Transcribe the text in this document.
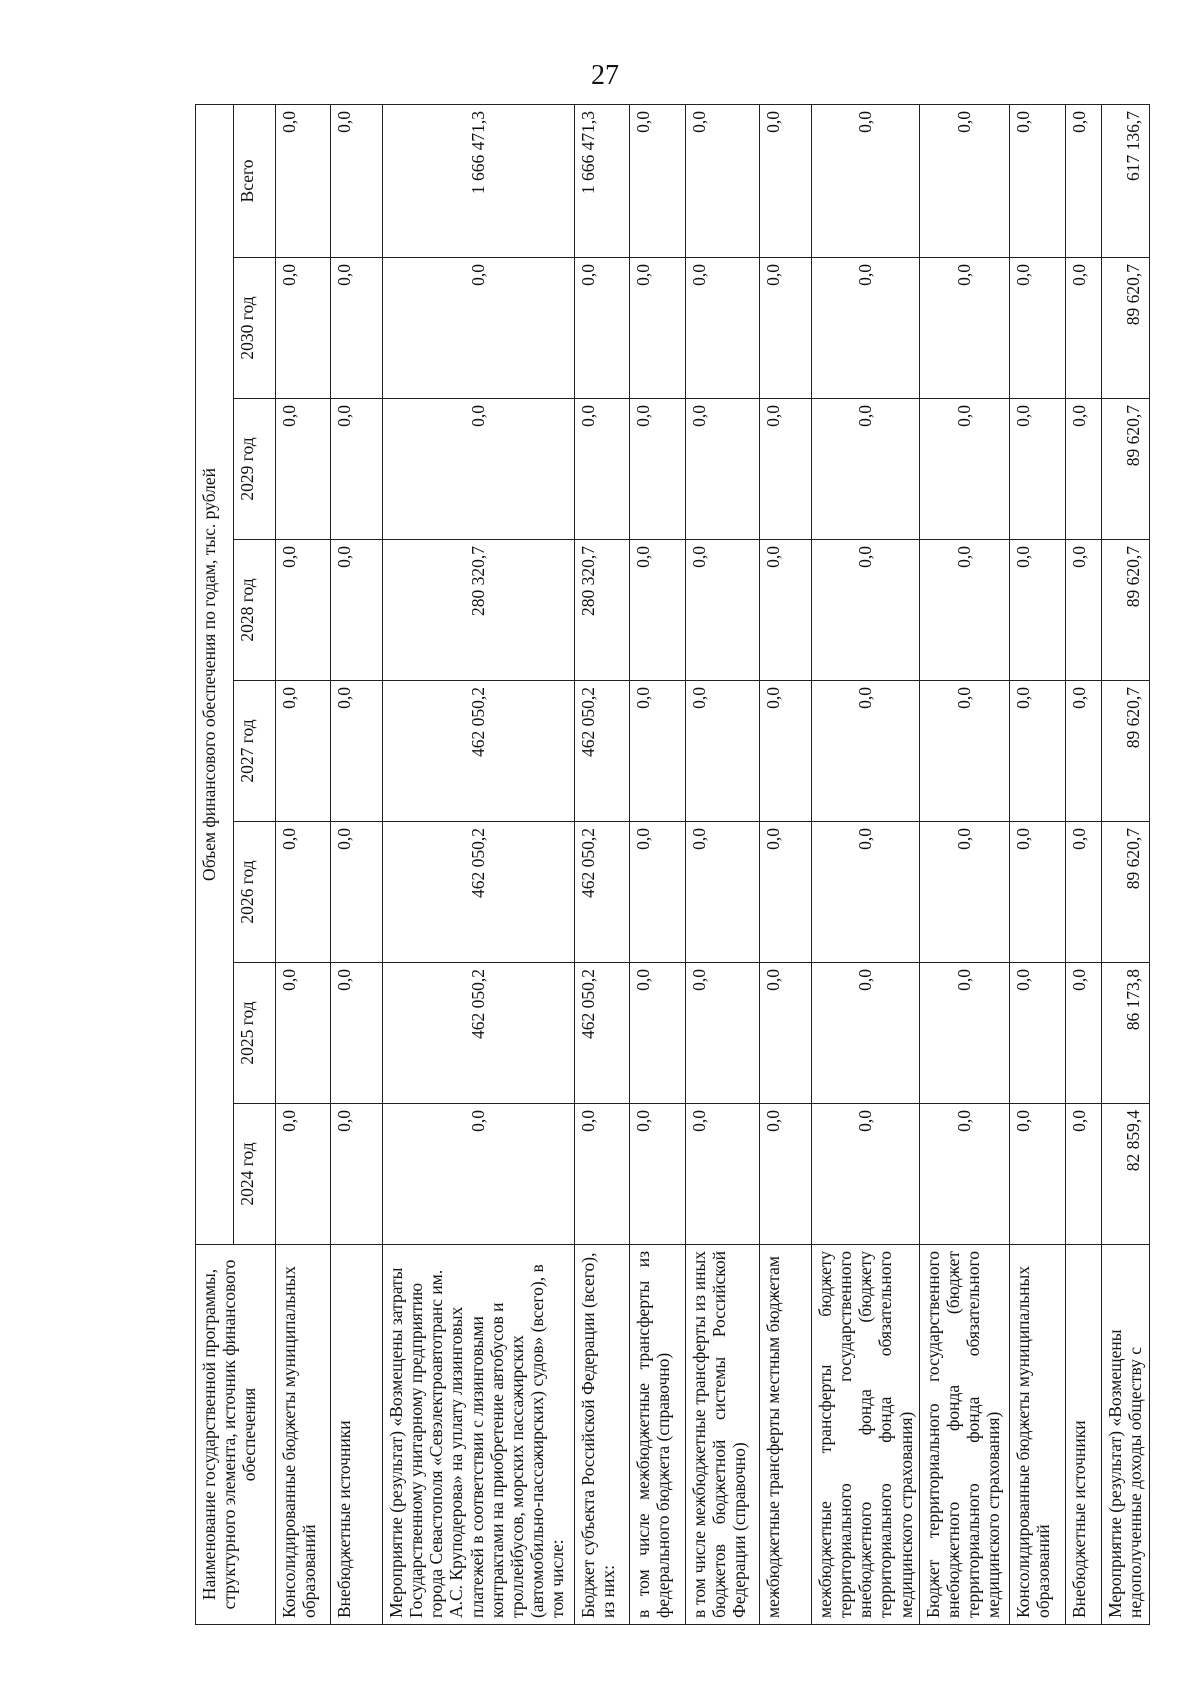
27
Наименование государственной программы, структурного элемента, источник финансового обеспечения	Объем финансового обеспечения по годам, тыс. рублей							
	2024 год	2025 год	2026 год	2027 год	2028 год	2029 год	2030 год	Всего
Консолидированные бюджеты муниципальных образований	0,0	0,0	0,0	0,0	0,0	0,0	0,0	0,0
Внебюджетные источники	0,0	0,0	0,0	0,0	0,0	0,0	0,0	0,0
Мероприятие (результат) «Возмещены затраты Государственному унитарному предприятию города Севастополя «Севэлектроавтотранс им. А.С. Круподерова» на уплату лизинговых платежей в соответствии с лизинговыми контрактами на приобретение автобусов и троллейбусов, морских пассажирских (автомобильно-пассажирских) судов» (всего), в том числе:	0,0	462 050,2	462 050,2	462 050,2	280 320,7	0,0	0,0	1 666 471,3
Бюджет субъекта Российской Федерации (всего), из них:	0,0	462 050,2	462 050,2	462 050,2	280 320,7	0,0	0,0	1 666 471,3
в том числе межбюджетные трансферты из федерального бюджета (справочно)	0,0	0,0	0,0	0,0	0,0	0,0	0,0	0,0
в том числе межбюджетные трансферты из иных бюджетов бюджетной системы Российской Федерации (справочно)	0,0	0,0	0,0	0,0	0,0	0,0	0,0	0,0
межбюджетные трансферты местным бюджетам	0,0	0,0	0,0	0,0	0,0	0,0	0,0	0,0
межбюджетные трансферты бюджету территориального государственного внебюджетного фонда (бюджету территориального фонда обязательного медицинского страхования)	0,0	0,0	0,0	0,0	0,0	0,0	0,0	0,0
Бюджет территориального государственного внебюджетного фонда (бюджет территориального фонда обязательного медицинского страхования)	0,0	0,0	0,0	0,0	0,0	0,0	0,0	0,0
Консолидированные бюджеты муниципальных образований	0,0	0,0	0,0	0,0	0,0	0,0	0,0	0,0
Внебюджетные источники	0,0	0,0	0,0	0,0	0,0	0,0	0,0	0,0
Мероприятие (результат) «Возмещены недополученные доходы обществу с	82 859,4	86 173,8	89 620,7	89 620,7	89 620,7	89 620,7	89 620,7	617 136,7
